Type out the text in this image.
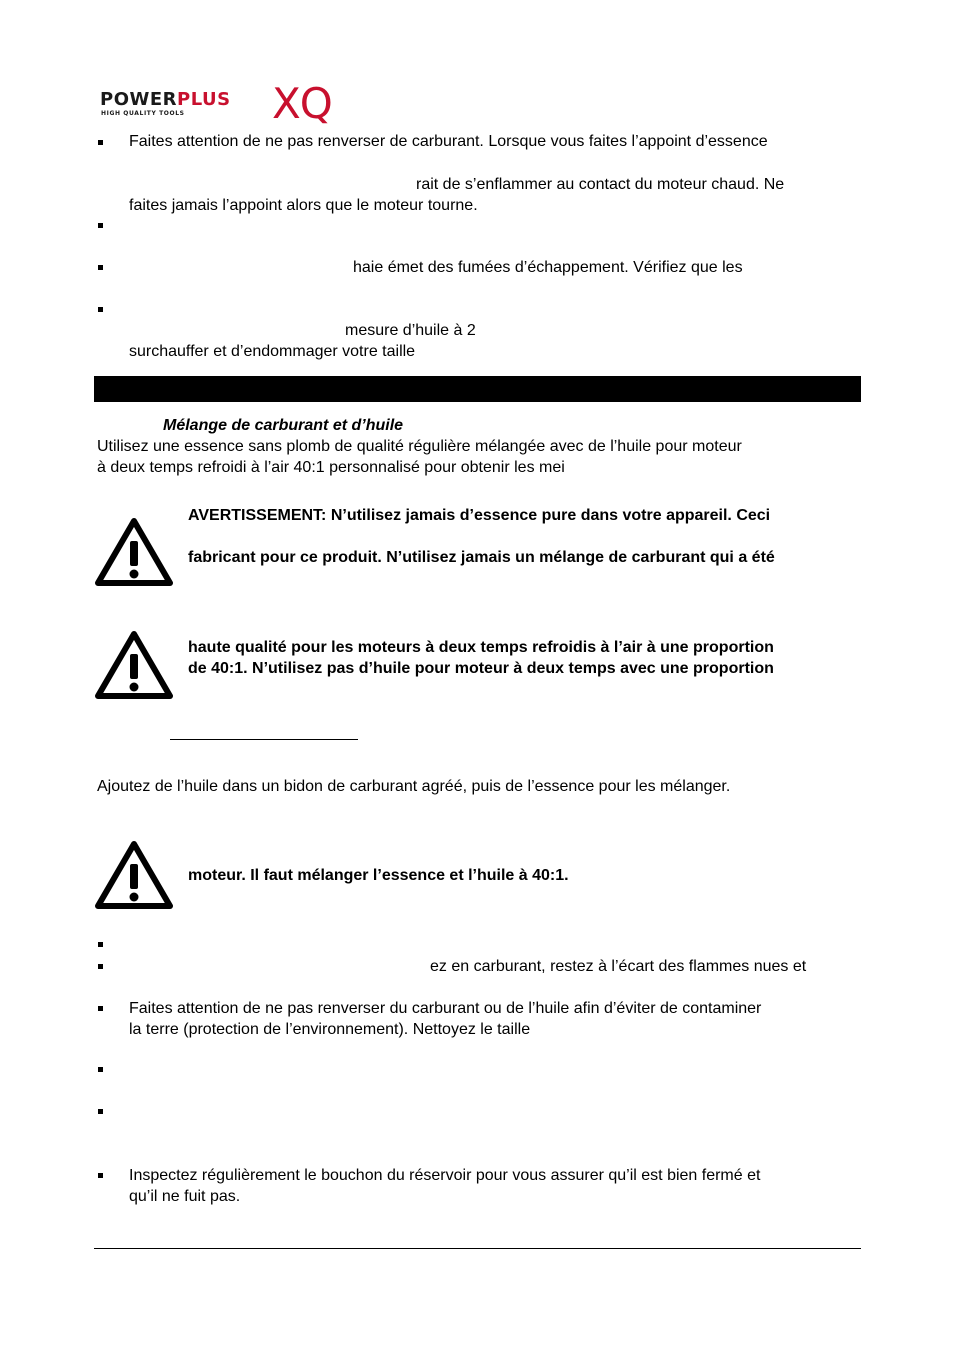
POWERPLUS
HIGH QUALITY TOOLS XQ
Faites attention de ne pas renverser de carburant. Lorsque vous faites l’appoint d’essence
rait de s’enflammer au contact du moteur chaud. Ne
faites jamais l’appoint alors que le moteur tourne.
haie émet des fumées d’échappement. Vérifiez que les
mesure d’huile à 2
surchauffer et d’endommager votre taille
Mélange de carburant et d’huile
Utilisez une essence sans plomb de qualité régulière mélangée avec de l’huile pour moteur
à deux temps refroidi à l’air 40:1 personnalisé pour obtenir les mei
AVERTISSEMENT: N’utilisez jamais d’essence pure dans votre appareil. Ceci
fabricant pour ce produit. N’utilisez jamais un mélange de carburant qui a été
haute qualité pour les moteurs à deux temps refroidis à l’air à une proportion
de 40:1. N’utilisez pas d’huile pour moteur à deux temps avec une proportion
Ajoutez de l’huile dans un bidon de carburant agréé, puis de l’essence pour les mélanger.
moteur. Il faut mélanger l’essence et l’huile à 40:1.
ez en carburant, restez à l’écart des flammes nues et
Faites attention de ne pas renverser du carburant ou de l’huile afin d’éviter de contaminer
la terre (protection de l’environnement). Nettoyez le taille
Inspectez régulièrement le bouchon du réservoir pour vous assurer qu’il est bien fermé et
qu’il ne fuit pas.
